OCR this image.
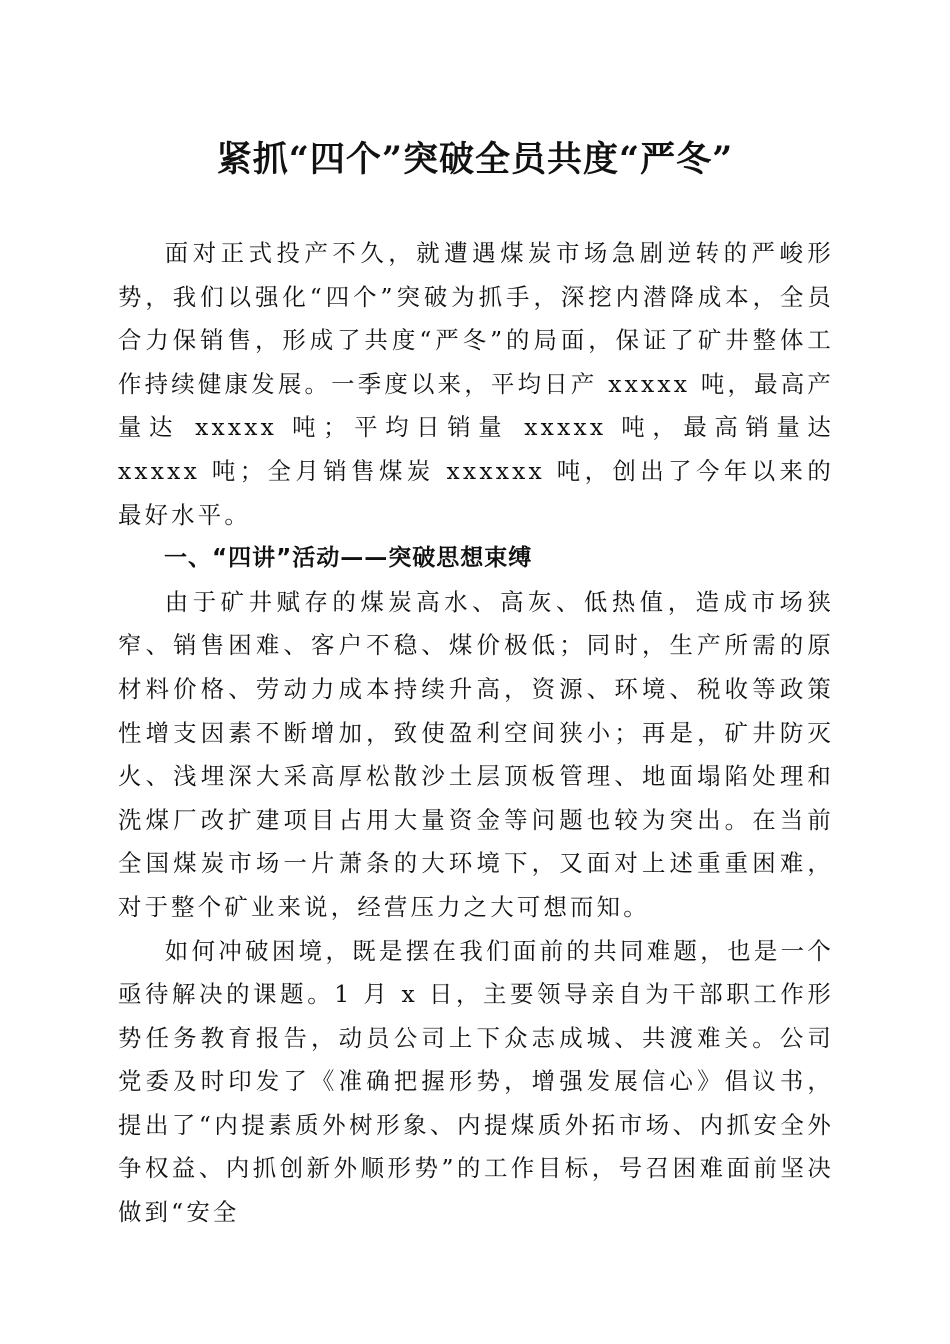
紧抓“四个”突破全员共度“严冬”

面对正式投产不久，就遭遇煤炭市场急剧逆转的严峻形势，我们以强化“四个”突破为抓手，深挖内潜降成本，全员合力保销售，形成了共度“严冬”的局面，保证了矿井整体工作持续健康发展。一季度以来，平均日产 xxxxx 吨，最高产量达 xxxxx 吨；平均日销量 xxxxx 吨，最高销量达 xxxxx 吨；全月销售煤炭 xxxxxx 吨，创出了今年以来的最好水平。

一、“四讲”活动——突破思想束缚

由于矿井赋存的煤炭高水、高灰、低热值，造成市场狭窄、销售困难、客户不稳、煤价极低；同时，生产所需的原材料价格、劳动力成本持续升高，资源、环境、税收等政策性增支因素不断增加，致使盈利空间狭小；再是，矿井防灭火、浅埋深大采高厚松散沙土层顶板管理、地面塌陷处理和洗煤厂改扩建项目占用大量资金等问题也较为突出。在当前全国煤炭市场一片萧条的大环境下，又面对上述重重困难，对于整个矿业来说，经营压力之大可想而知。

如何冲破困境，既是摆在我们面前的共同难题，也是一个亟待解决的课题。1 月 x 日，主要领导亲自为干部职工作形势任务教育报告，动员公司上下众志成城、共渡难关。公司党委及时印发了《准确把握形势，增强发展信心》倡议书，提出了“内提素质外树形象、内提煤质外拓市场、内抓安全外争权益、内抓创新外顺形势”的工作目标，号召困难面前坚决做到“安全
